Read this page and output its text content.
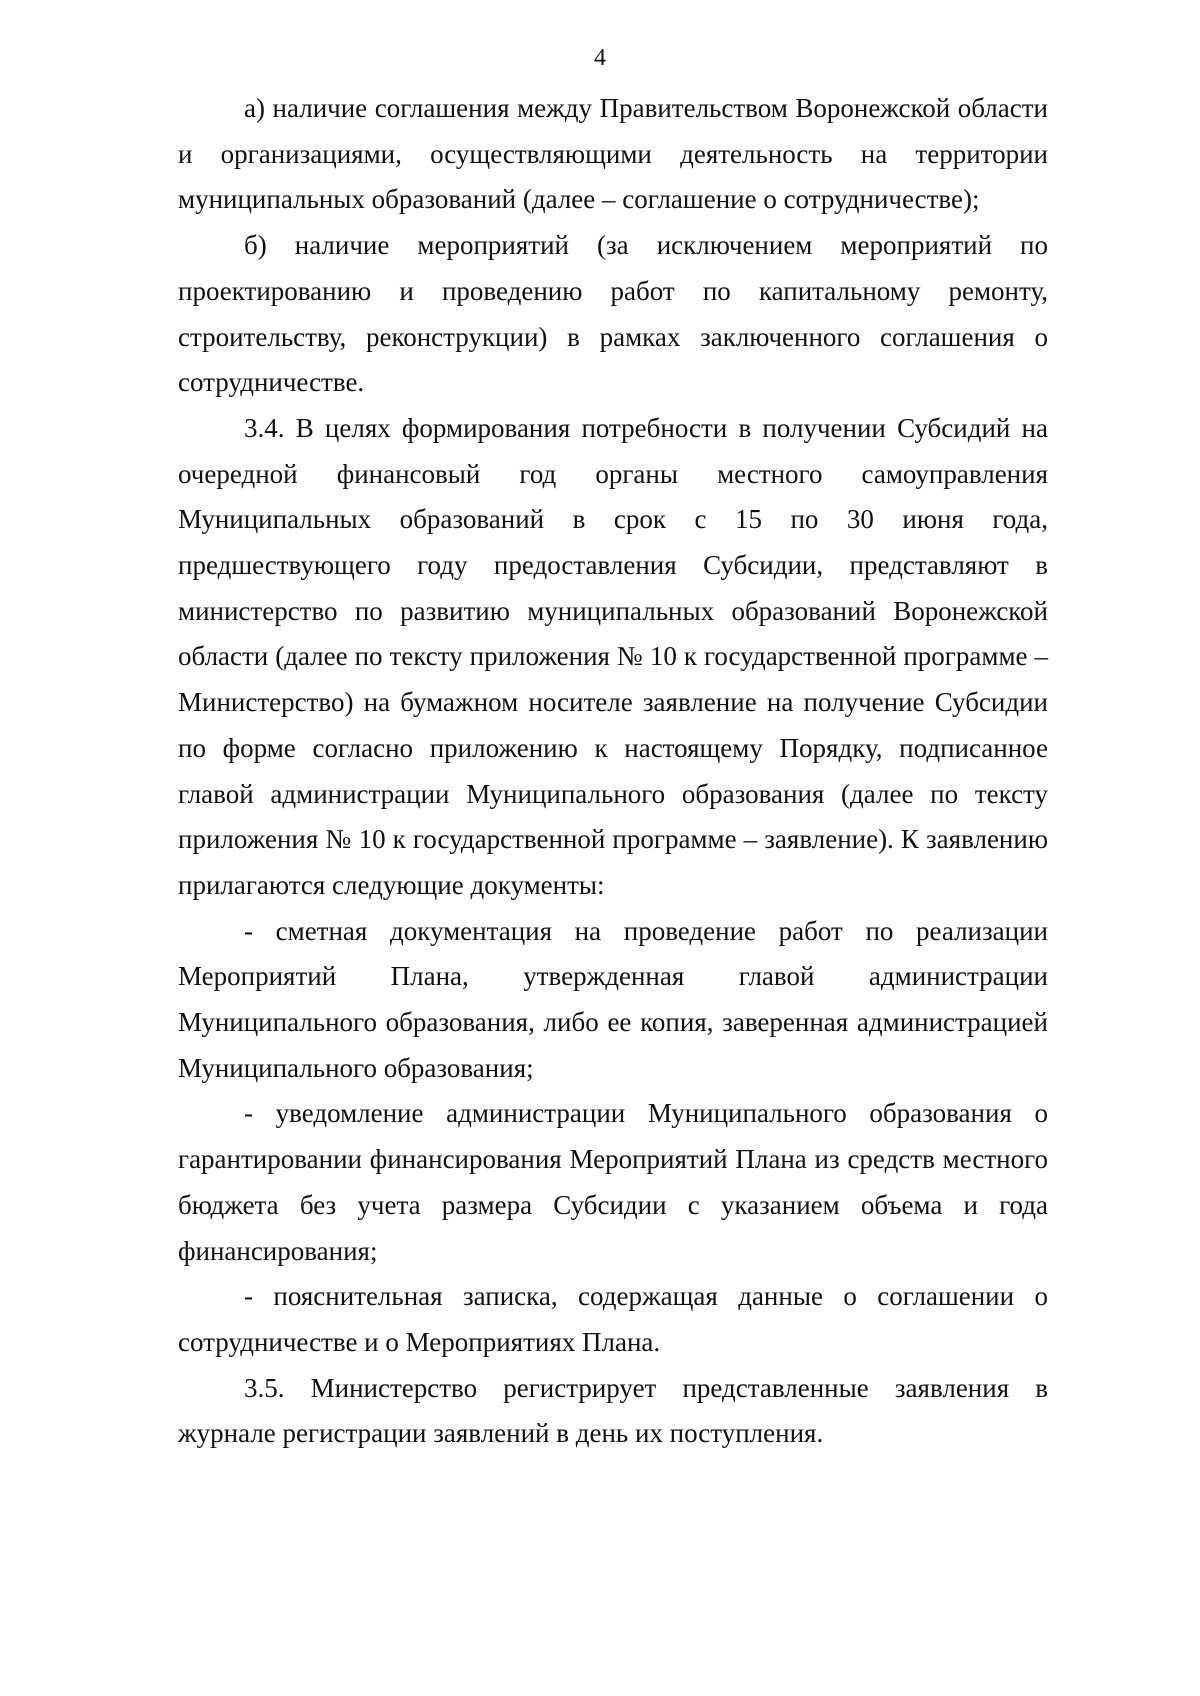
4

а) наличие соглашения между Правительством Воронежской области и организациями, осуществляющими деятельность на территории муниципальных образований (далее – соглашение о сотрудничестве);

б) наличие мероприятий (за исключением мероприятий по проектированию и проведению работ по капитальному ремонту, строительству, реконструкции) в рамках заключенного соглашения о сотрудничестве.

3.4. В целях формирования потребности в получении Субсидий на очередной финансовый год органы местного самоуправления Муниципальных образований в срок с 15 по 30 июня года, предшествующего году предоставления Субсидии, представляют в министерство по развитию муниципальных образований Воронежской области (далее по тексту приложения № 10 к государственной программе – Министерство) на бумажном носителе заявление на получение Субсидии по форме согласно приложению к настоящему Порядку, подписанное главой администрации Муниципального образования (далее по тексту приложения № 10 к государственной программе – заявление). К заявлению прилагаются следующие документы:

- сметная документация на проведение работ по реализации Мероприятий Плана, утвержденная главой администрации Муниципального образования, либо ее копия, заверенная администрацией Муниципального образования;

- уведомление администрации Муниципального образования о гарантировании финансирования Мероприятий Плана из средств местного бюджета без учета размера Субсидии с указанием объема и года финансирования;

- пояснительная записка, содержащая данные о соглашении о сотрудничестве и о Мероприятиях Плана.

3.5. Министерство регистрирует представленные заявления в журнале регистрации заявлений в день их поступления.
